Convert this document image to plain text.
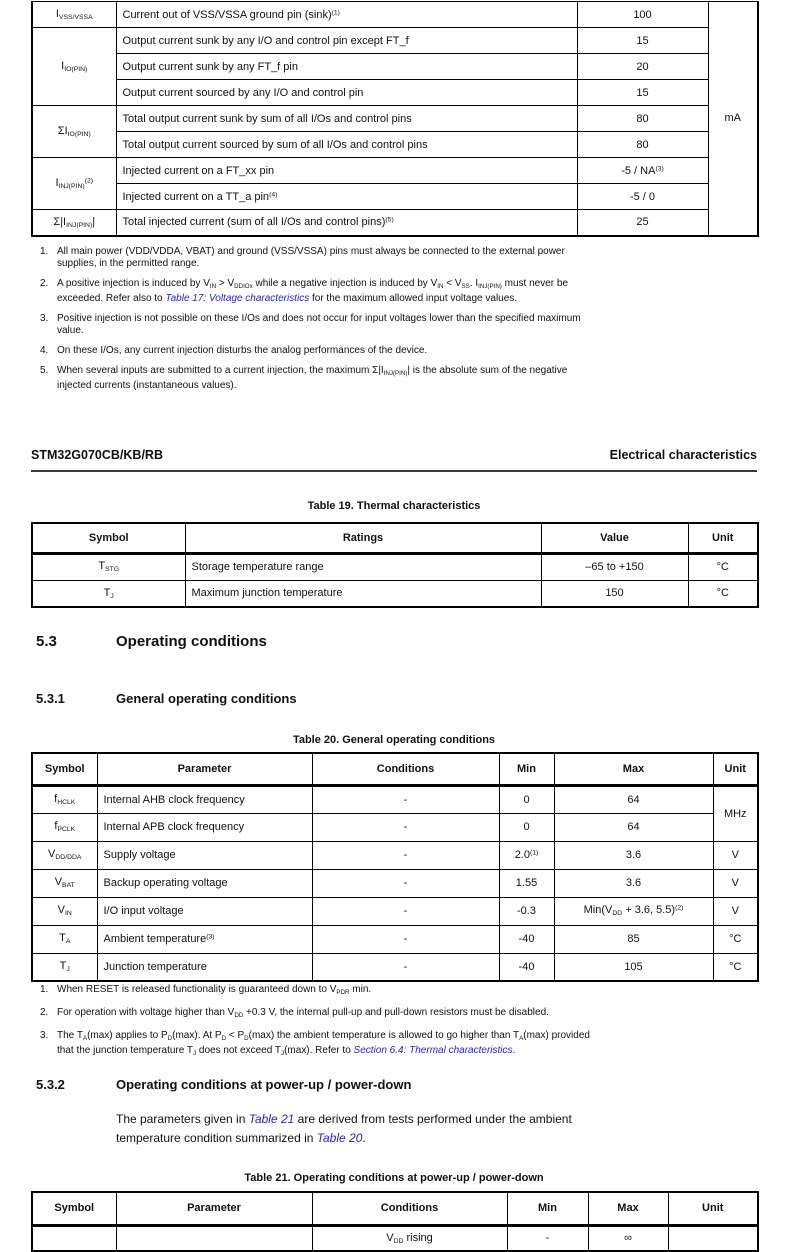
$I_{VSS/VSSA}$	Current out of VSS/VSSA ground pin $(\sin k)^{(1)}$	100	mA
$I_{IO(PIN)}$	Output current sunk by any I/O and control pin except FT_f	15	
	Output current sunk by any FT_f pin	20	
	Output current sourced by any I/O and control pin	15	
$\Sigma I_{IO(PIN)}$	Total output current sunk by sum of all I/Os and control pins	80	
	Total output current sourced by sum of all I/Os and control pins	80	
$I_{INJ(PIN)}^{(2)}$	Injected current on a FT_xx pin	-5 / NA$^{(3)}$
	Injected current on a TT_a pin$^{(4)}$	-5 / 0	
$\Sigma|I_{INJ(PIN)}|$	Total injected current (sum of all I/Os and control pins)$^{(5)}$	25	
1. All main power (VDD/VDDA, VBAT) and ground (VSS/VSSA) pins must always be connected to the external power
supplies, in the permitted range.
2. A positive injection is induced by $V_{IN} > V_{DDIOx}$ while a negative injection is induced by $V_{IN} < V_{SS}$. $I_{INJ(PIN)}$ must never be
exceeded. Refer also to Table 17: Voltage characteristics for the maximum allowed input voltage values.
3. Positive injection is not possible on these I/Os and does not occur for input voltages lower than the specified maximum
value.
4. On these I/Os, any current injection disturbs the analog performances of the device.
5. When several inputs are submitted to a current injection, the maximum $\Sigma|I_{INJ(PIN)}|$ is the absolute sum of the negative
injected currents (instantaneous values).
STM32G070CB/KB/RB	Electrical characteristics
Table 19. Thermal characteristics
Symbol	Ratings	Value	Unit
$T_{STG}$	Storage temperature range	–65 to +150	°C
$T_J$	Maximum junction temperature	150	°C
5.3	Operating conditions
5.3.1	General operating conditions
Table 20. General operating conditions
Symbol	Parameter	Conditions	Min	Max	Unit
$f_{HCLK}$	Internal AHB clock frequency	-	0	64	MHz
$f_{PCLK}$	Internal APB clock frequency	-	0	64	
$V_{DD/DDA}$	Supply voltage	-	2.0$^{(1)}$	3.6	V
$V_{BAT}$	Backup operating voltage	-	1.55	3.6	V
$V_{IN}$	I/O input voltage	-	-0.3	$Min(V_{DD} + 3.6$, 5.5)$^{(2)}$	V
$T_A$	Ambient temperature$^{(3)}$	-	-40	85	°C
$T_J$	Junction temperature	-	-40	105	°C
1. When RESET is released functionality is guaranteed down to $V_{PDR}$ min.
2. For operation with voltage higher than $V_{DD} +0.3$ V, the internal pull-up and pull-down resistors must be disabled.
3. The $T_A(\max)$ applies to $P_D(\max)$. At $P_D < P_D(\max)$ the ambient temperature is allowed to go higher than $T_A(\max)$ provided
that the junction temperature $T_J$ does not exceed $T_J(\max)$. Refer to Section 6.4: Thermal characteristics.
5.3.2	Operating conditions at power-up / power-down
The parameters given in Table 21 are derived from tests performed under the ambient
temperature condition summarized in Table 20.
Table 21. Operating conditions at power-up / power-down
Symbol	Parameter	Conditions	Min	Max	Unit
		$V_{DD}$ rising	-	∞	
